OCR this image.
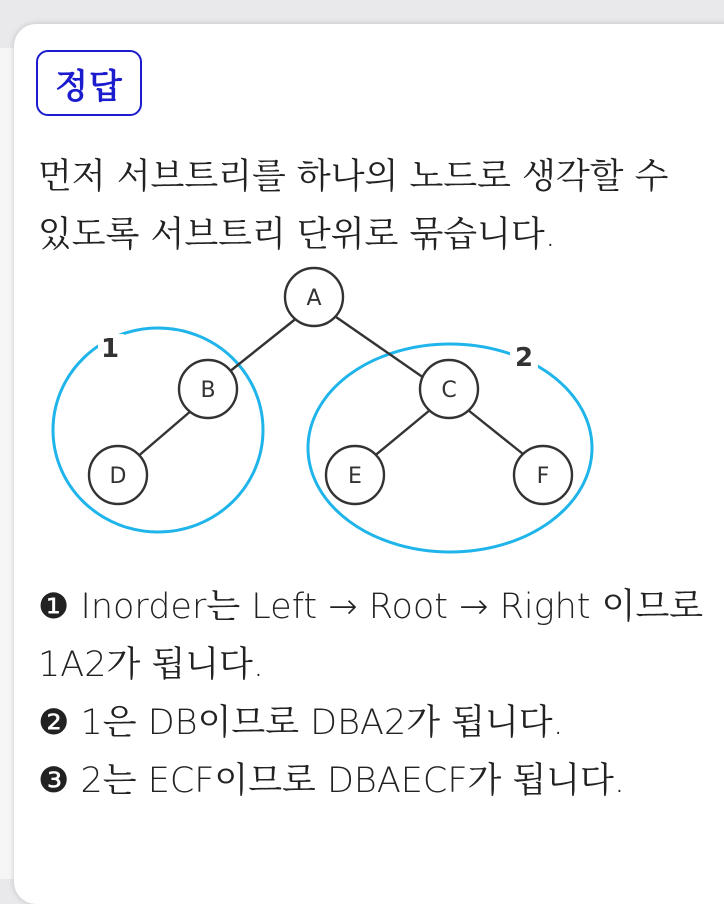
정답
먼저 서브트리를 하나의 노드로 생각할 수 있도록 서브트리 단위로 묶습니다.
A
B	C
D	E	F
1	2

❶ Inorder는 Left → Root → Right 이므로 1A2가 됩니다.

❷ 1은 DB이므로 DBA2가 됩니다.

❸ 2는 ECF이므로 DBAECF가 됩니다.
